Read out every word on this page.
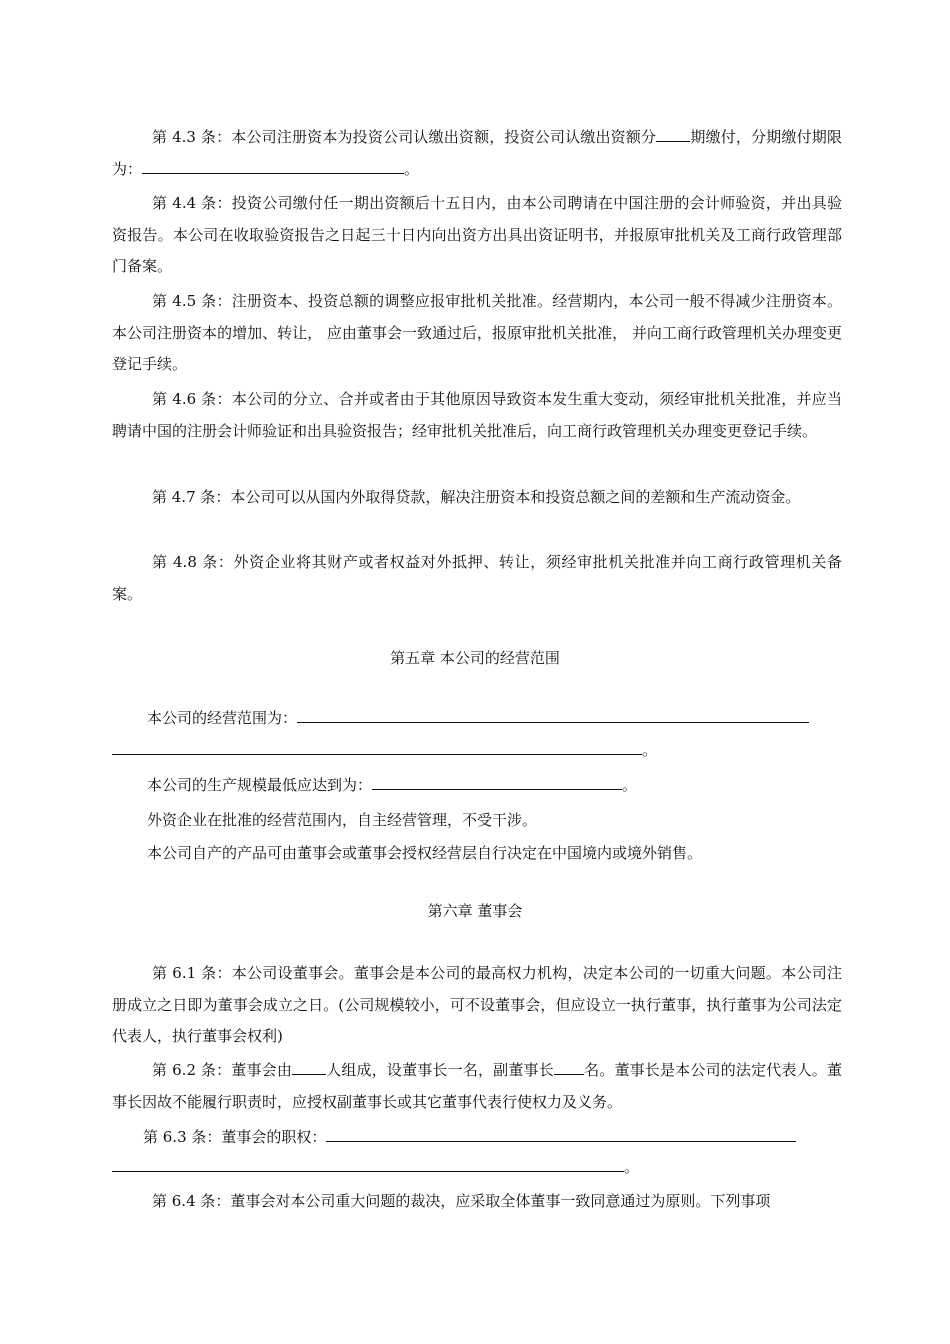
第 4.3 条：本公司注册资本为投资公司认缴出资额，投资公司认缴出资额分 期缴付，分期缴付期限为：	。

第 4.4 条：投资公司缴付任一期出资额后十五日内，由本公司聘请在中国注册的会计师验资，并出具验资报告。本公司在收取验资报告之日起三十日内向出资方出具出资证明书，并报原审批机关及工商行政管理部门备案。

第 4.5 条：注册资本、投资总额的调整应报审批机关批准。经营期内，本公司一般不得减少注册资本。本公司注册资本的增加、转让， 应由董事会一致通过后，报原审批机关批准， 并向工商行政管理机关办理变更登记手续。

第 4.6 条：本公司的分立、合并或者由于其他原因导致资本发生重大变动，须经审批机关批准，并应当聘请中国的注册会计师验证和出具验资报告；经审批机关批准后，向工商行政管理机关办理变更登记手续。

第 4.7 条：本公司可以从国内外取得贷款，解决注册资本和投资总额之间的差额和生产流动资金。

第 4.8 条：外资企业将其财产或者权益对外抵押、转让，须经审批机关批准并向工商行政管理机关备案。

第五章 本公司的经营范围

本公司的经营范围为：

。

本公司的生产规模最低应达到为：	。

外资企业在批准的经营范围内，自主经营管理，不受干涉。

本公司自产的产品可由董事会或董事会授权经营层自行决定在中国境内或境外销售。

第六章 董事会

第 6.1 条：本公司设董事会。董事会是本公司的最高权力机构，决定本公司的一切重大问题。本公司注册成立之日即为董事会成立之日。(公司规模较小，可不设董事会，但应设立一执行董事，执行董事为公司法定代表人，执行董事会权利)

第 6.2 条：董事会由 人组成，设董事长一名，副董事长 名。董事长是本公司的法定代表人。董事长因故不能履行职责时，应授权副董事长或其它董事代表行使权力及义务。

第 6.3 条：董事会的职权：

。

第 6.4 条：董事会对本公司重大问题的裁决，应采取全体董事一致同意通过为原则。下列事项
